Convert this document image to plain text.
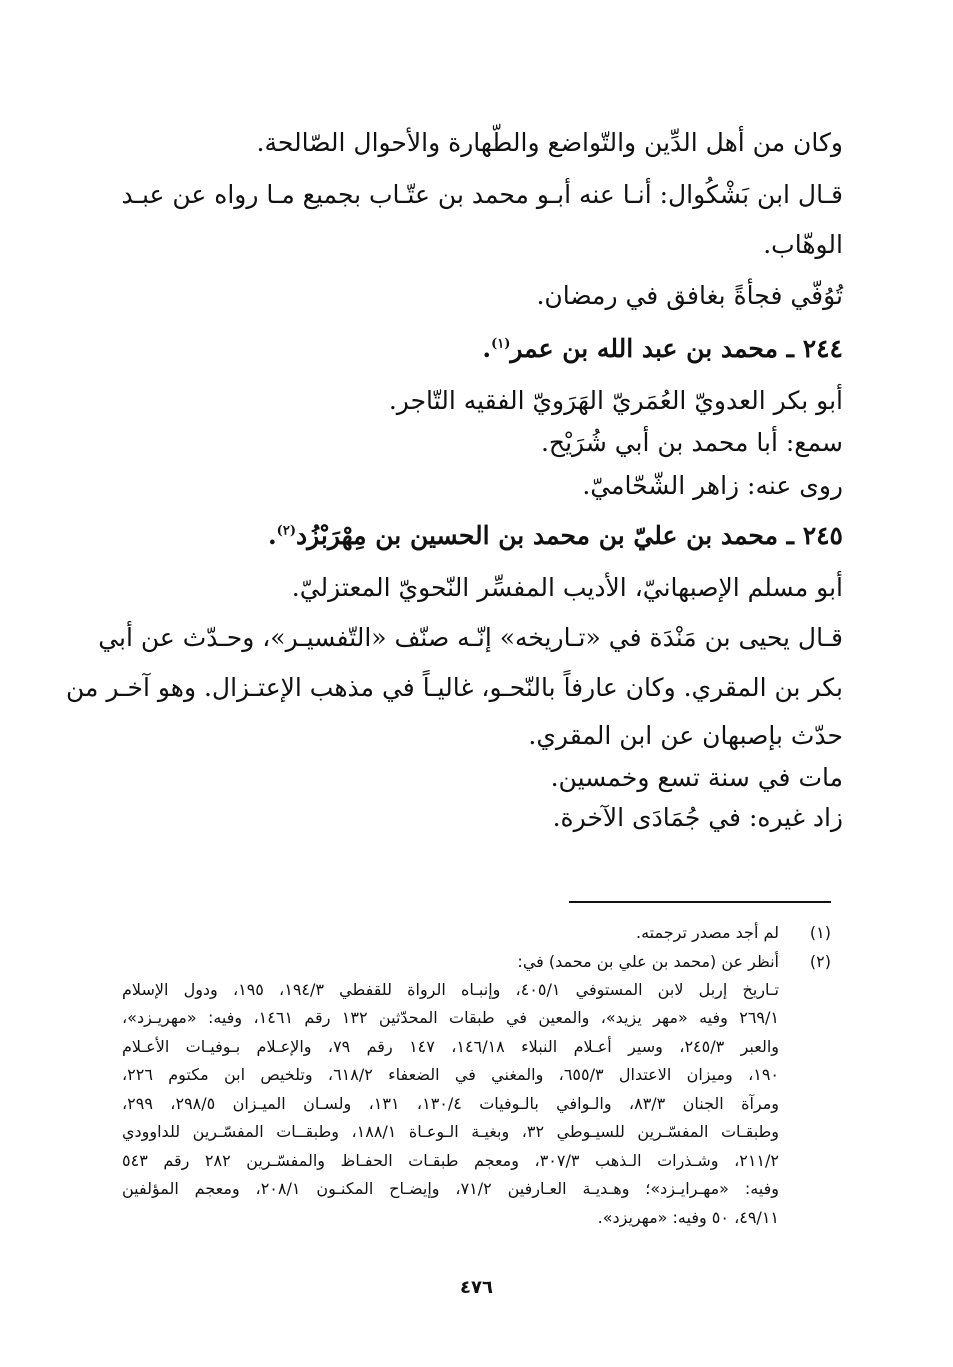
وكان من أهل الدِّين والتّواضع والطّهارة والأحوال الصّالحة.
قـال ابن بَشْكُوال: أنـا عنه أبـو محمد بن عتّـاب بجميع مـا رواه عن عبـد
الوهّاب.
تُوُفّي فجأةً بغافق في رمضان.
٢٤٤ ـ محمد بن عبد الله بن عمر$^{(١)}$.
أبو بكر العدويّ العُمَريّ الهَرَويّ الفقيه التّاجر.
سمع: أبا محمد بن أبي شُرَيْح.
روى عنه: زاهر الشّحّاميّ.
٢٤٥ ـ محمد بن عليّ بن محمد بن الحسين بن مِهْرَبْزُد$^{(٢)}$.
أبو مسلم الإصبهانيّ، الأديب المفسِّر النّحويّ المعتزليّ.
قـال يحيى بن مَنْدَة في «تـاريخه» إنّـه صنّف «التّفسيـر»، وحـدّث عن أبي
بكر بن المقري. وكان عارفاً بالنّحـو، غاليـاً في مذهب الإعتـزال. وهو آخـر من
حدّث بإصبهان عن ابن المقري.
مات في سنة تسع وخمسين.
زاد غيره: في جُمَادَى الآخرة.
(١)
لم أجد مصدر ترجمته.
(٢)
أنظر عن (محمد بن علي بن محمد) في:
تـاريخ إربل لابن المستوفي ٤٠٥/١، وإنبـاه الرواة للقفطي ١٩٤/٣، ١٩٥، ودول الإسلام
٢٦٩/١ وفيه «مهر يزيد»، والمعين في طبقات المحدّثين ١٣٢ رقم ١٤٦١، وفيه: «مهريـزد»،
والعبر ٢٤٥/٣، وسير أعـلام النبلاء ١٤٦/١٨، ١٤٧ رقم ٧٩، والإعـلام بـوفيـات الأعـلام
١٩٠، وميزان الاعتدال ٦٥٥/٣، والمغني في الضعفاء ٦١٨/٢، وتلخيص ابن مكتوم ٢٢٦،
ومرآة الجنان ٨٣/٣، والـوافي بالـوفيات ١٣٠/٤، ١٣١، ولسـان الميـزان ٢٩٨/٥، ٢٩٩،
وطبقـات المفسّـرين للسيـوطي ٣٢، وبغيـة الـوعـاة ١٨٨/١، وطبقــات المفسّـرين للداوودي
٢١١/٢، وشـذرات الـذهب ٣٠٧/٣، ومعجم طبقـات الحفـاظ والمفسّـرين ٢٨٢ رقم ٥٤٣
وفيه: «مهـرايـزد»؛ وهـديـة العـارفين ٧١/٢، وإيضـاح المكنـون ٢٠٨/١، ومعجم المؤلفين
٤٩/١١، ٥٠ وفيه: «مهريزد».
٤٧٦
